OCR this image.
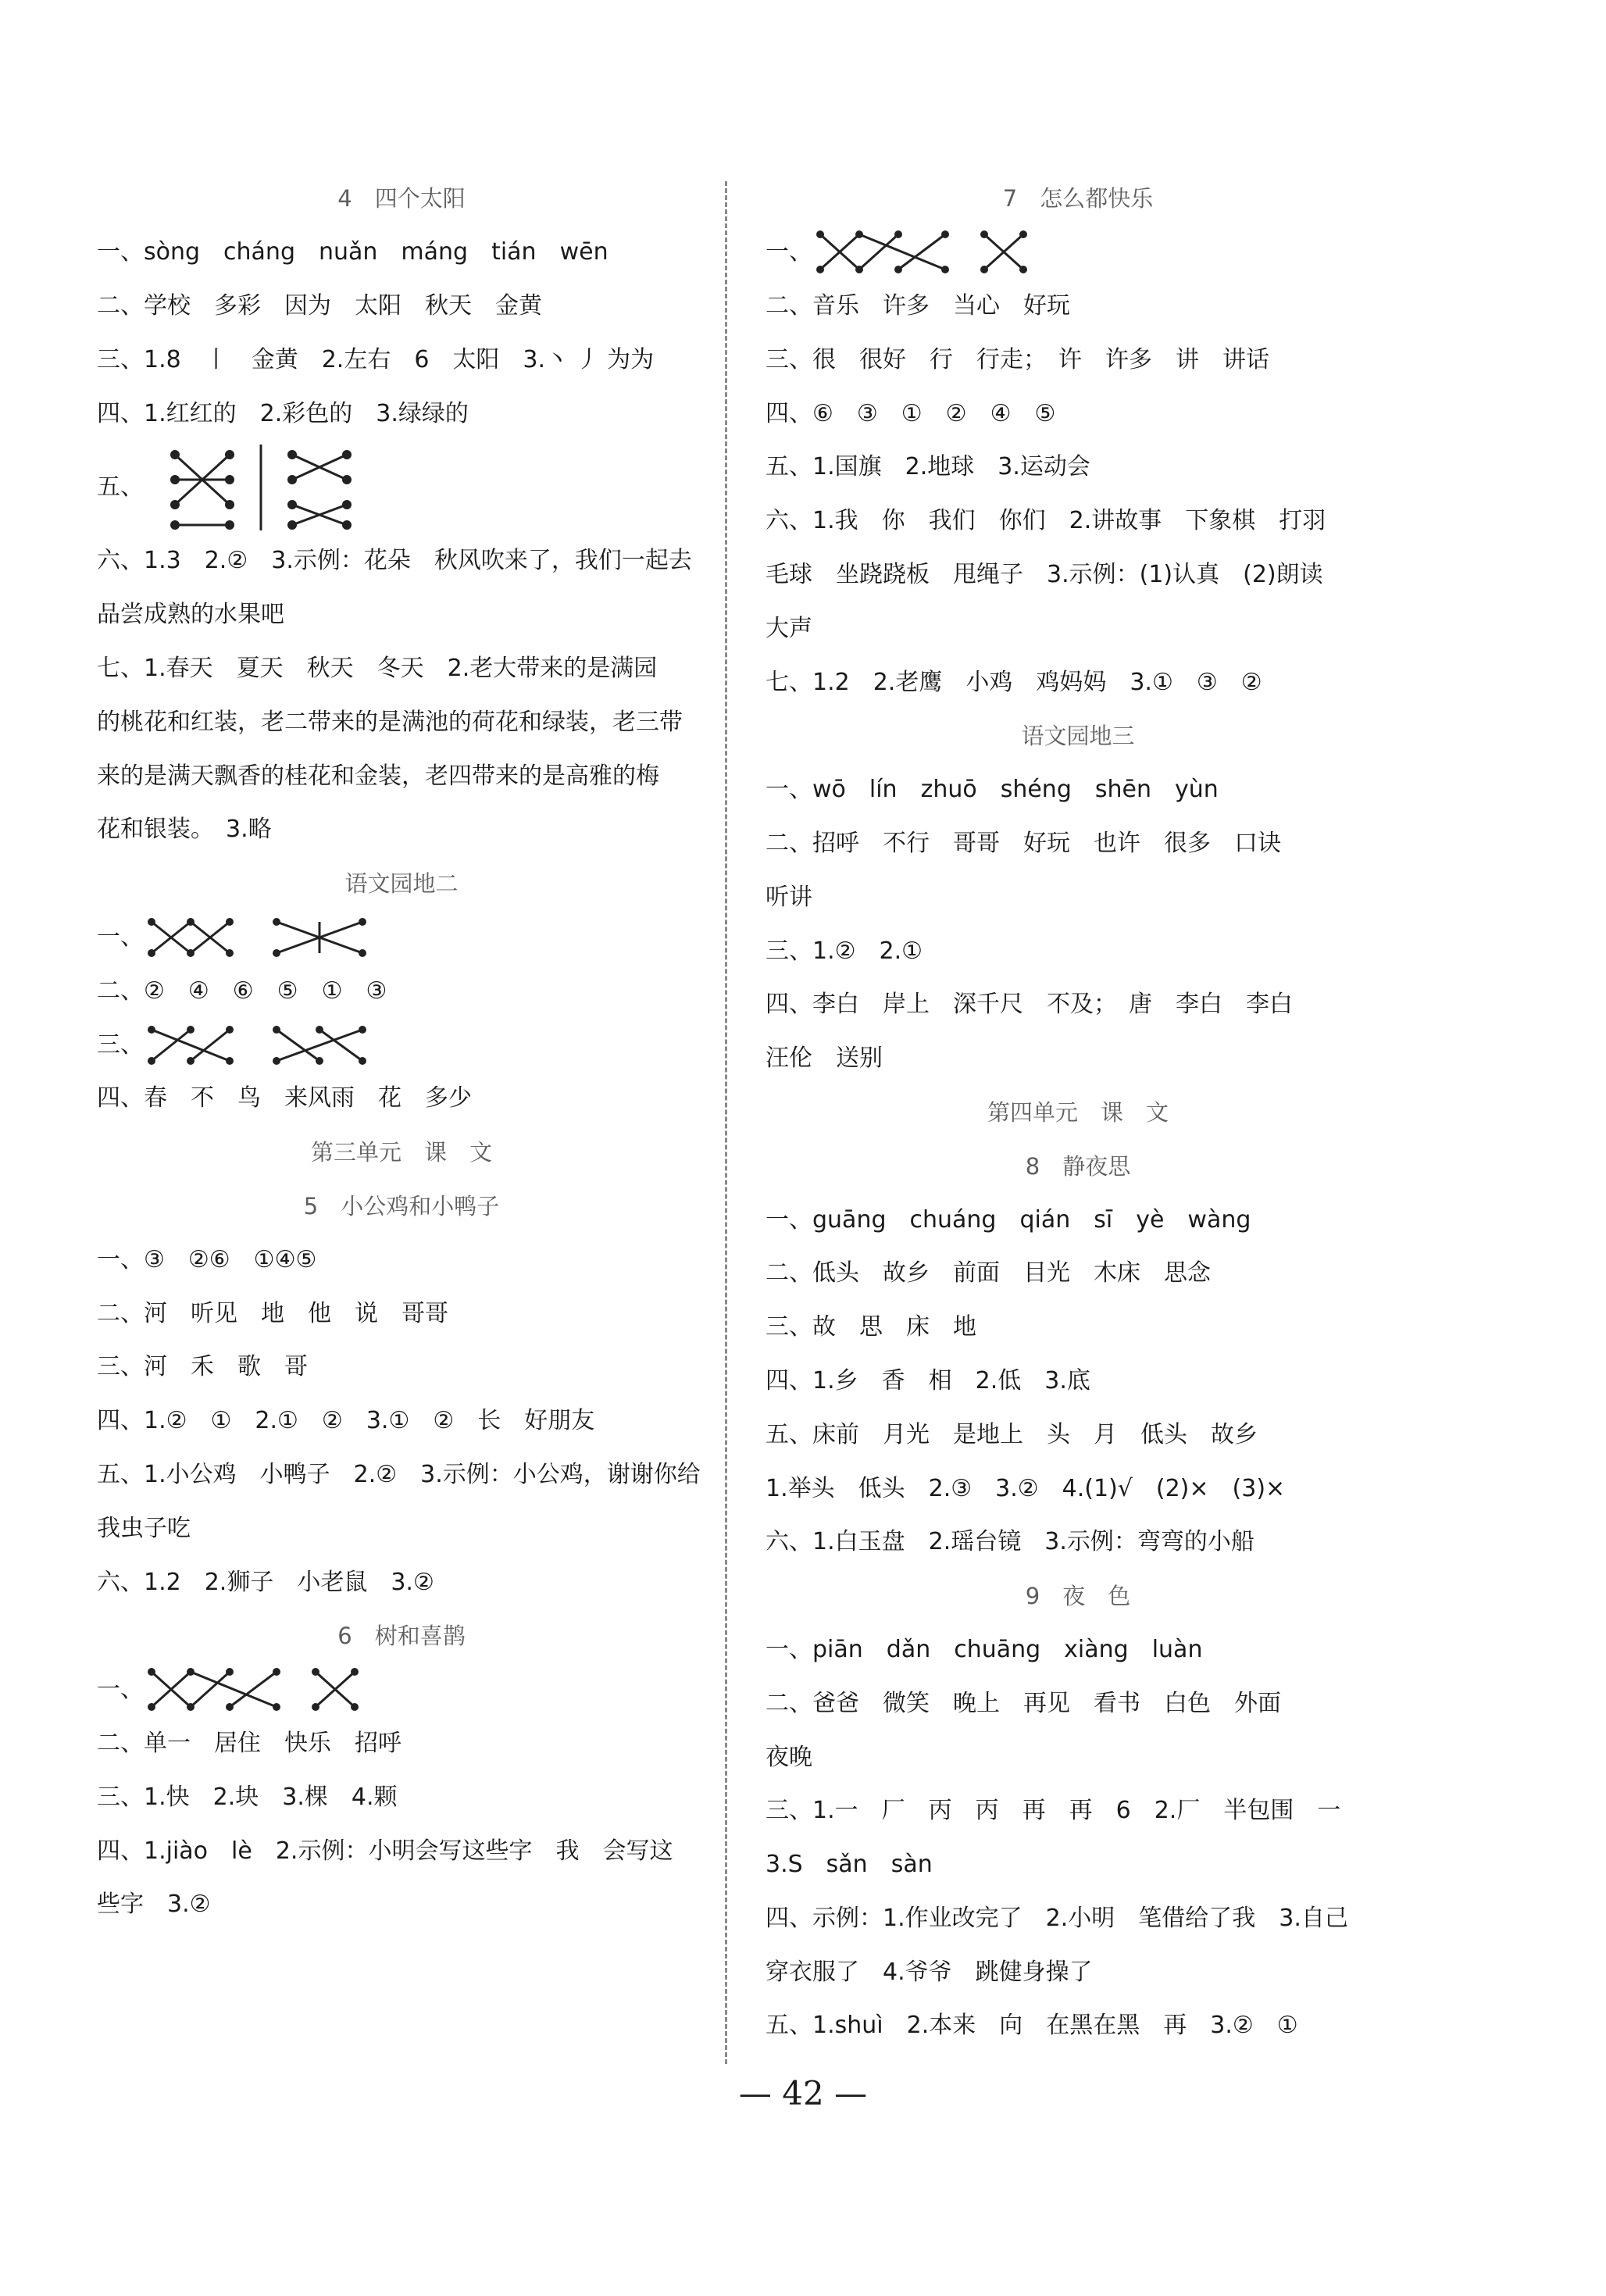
4　四个太阳
一、sòng　cháng　nuǎn　máng　tián　wēn
二、学校　多彩　因为　太阳　秋天　金黄
三、1.8　丨　金黄　2.左右　6　太阳　3.丶 丿 为为
四、1.红红的　2.彩色的　3.绿绿的
五、
六、1.3　2.②　3.示例：花朵　秋风吹来了，我们一起去
品尝成熟的水果吧
七、1.春天　夏天　秋天　冬天　2.老大带来的是满园
的桃花和红装，老二带来的是满池的荷花和绿装，老三带
来的是满天飘香的桂花和金装，老四带来的是高雅的梅
花和银装。　3.略
语文园地二
一、
二、②　④　⑥　⑤　①　③
三、
四、春　不　鸟　来风雨　花　多少
第三单元　课　文
5　小公鸡和小鸭子
一、③　②⑥　①④⑤
二、河　听见　地　他　说　哥哥
三、河　禾　歌　哥
四、1.②　①　2.①　②　3.①　②　长　好朋友
五、1.小公鸡　小鸭子　2.②　3.示例：小公鸡，谢谢你给
我虫子吃
六、1.2　2.狮子　小老鼠　3.②
6　树和喜鹊
一、
二、单一　居住　快乐　招呼
三、1.快　2.块　3.棵　4.颗
四、1.jiào　lè　2.示例：小明会写这些字　我　会写这
些字　3.②
7　怎么都快乐
一、
二、音乐　许多　当心　好玩
三、很　很好　行　行走；　许　许多　讲　讲话
四、⑥　③　①　②　④　⑤
五、1.国旗　2.地球　3.运动会
六、1.我　你　我们　你们　2.讲故事　下象棋　打羽
毛球　坐跷跷板　甩绳子　3.示例：(1)认真　(2)朗读
大声
七、1.2　2.老鹰　小鸡　鸡妈妈　3.①　③　②
语文园地三
一、wō　lín　zhuō　shéng　shēn　yùn
二、招呼　不行　哥哥　好玩　也许　很多　口诀
听讲
三、1.②　2.①
四、李白　岸上　深千尺　不及；　唐　李白　李白
汪伦　送别
第四单元　课　文
8　静夜思
一、guāng　chuáng　qián　sī　yè　wàng
二、低头　故乡　前面　目光　木床　思念
三、故　思　床　地
四、1.乡　香　相　2.低　3.底
五、床前　月光　是地上　头　月　低头　故乡
1.举头　低头　2.③　3.②　4.(1)√　(2)×　(3)×
六、1.白玉盘　2.瑶台镜　3.示例：弯弯的小船
9　夜　色
一、piān　dǎn　chuāng　xiàng　luàn
二、爸爸　微笑　晚上　再见　看书　白色　外面
夜晚
三、1.一　厂　丙　丙　再　再　6　2.厂　半包围　一
3.S　sǎn　sàn
四、示例：1.作业改完了　2.小明　笔借给了我　3.自己
穿衣服了　4.爷爷　跳健身操了
五、1.shuì　2.本来　向　在黑在黑　再　3.②　①
— 42 —
